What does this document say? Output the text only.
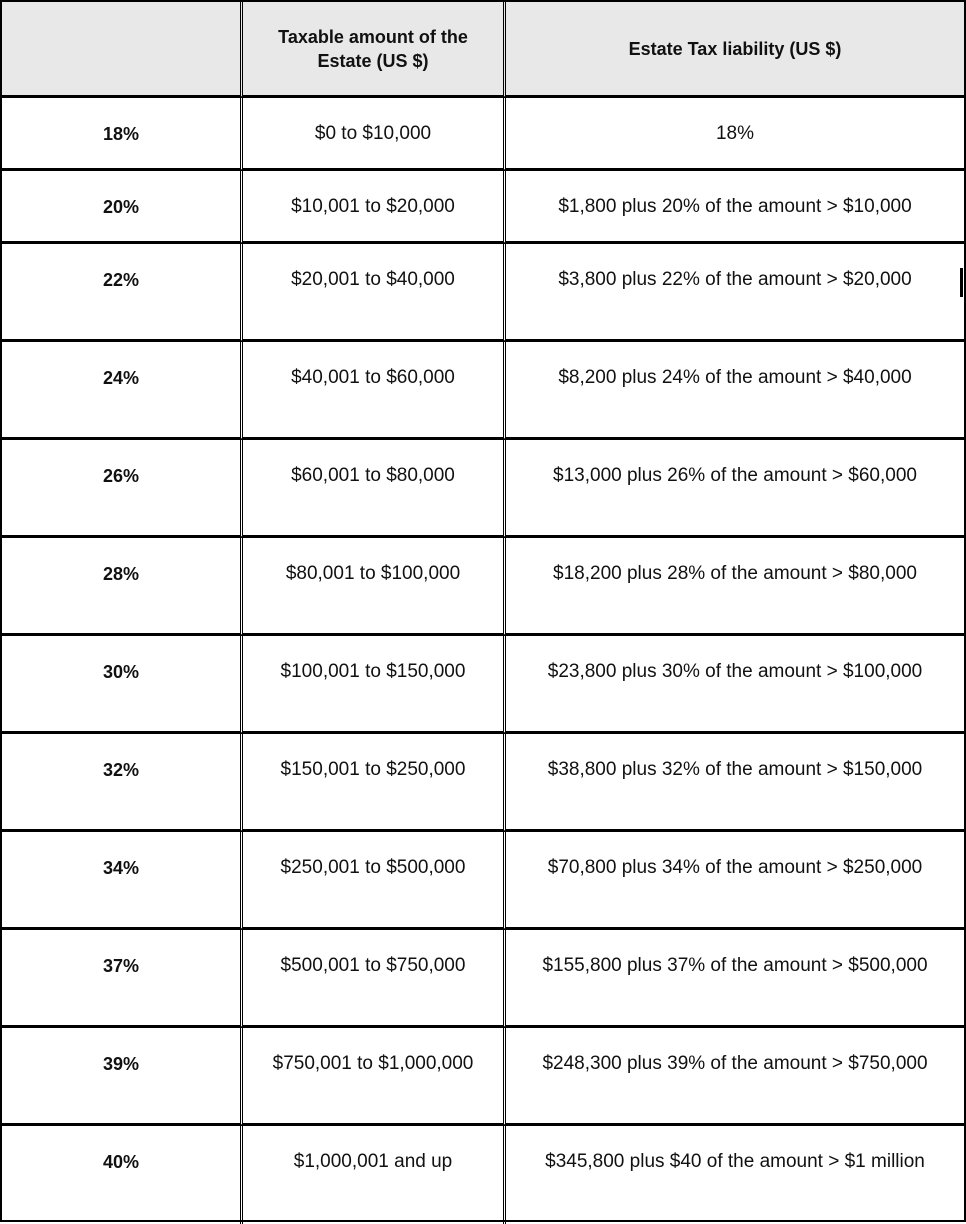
	Taxable amount of the Estate (US $)	Estate Tax liability (US $)
18%	$0 to $10,000	18%
20%	$10,001 to $20,000	$1,800 plus 20% of the amount > $10,000
22%	$20,001 to $40,000	$3,800 plus 22% of the amount > $20,000
24%	$40,001 to $60,000	$8,200 plus 24% of the amount > $40,000
26%	$60,001 to $80,000	$13,000 plus 26% of the amount > $60,000
28%	$80,001 to $100,000	$18,200 plus 28% of the amount > $80,000
30%	$100,001 to $150,000	$23,800 plus 30% of the amount > $100,000
32%	$150,001 to $250,000	$38,800 plus 32% of the amount > $150,000
34%	$250,001 to $500,000	$70,800 plus 34% of the amount > $250,000
37%	$500,001 to $750,000	$155,800 plus 37% of the amount > $500,000
39%	$750,001 to $1,000,000	$248,300 plus 39% of the amount > $750,000
40%	$1,000,001 and up	$345,800 plus $40 of the amount > $1 million
